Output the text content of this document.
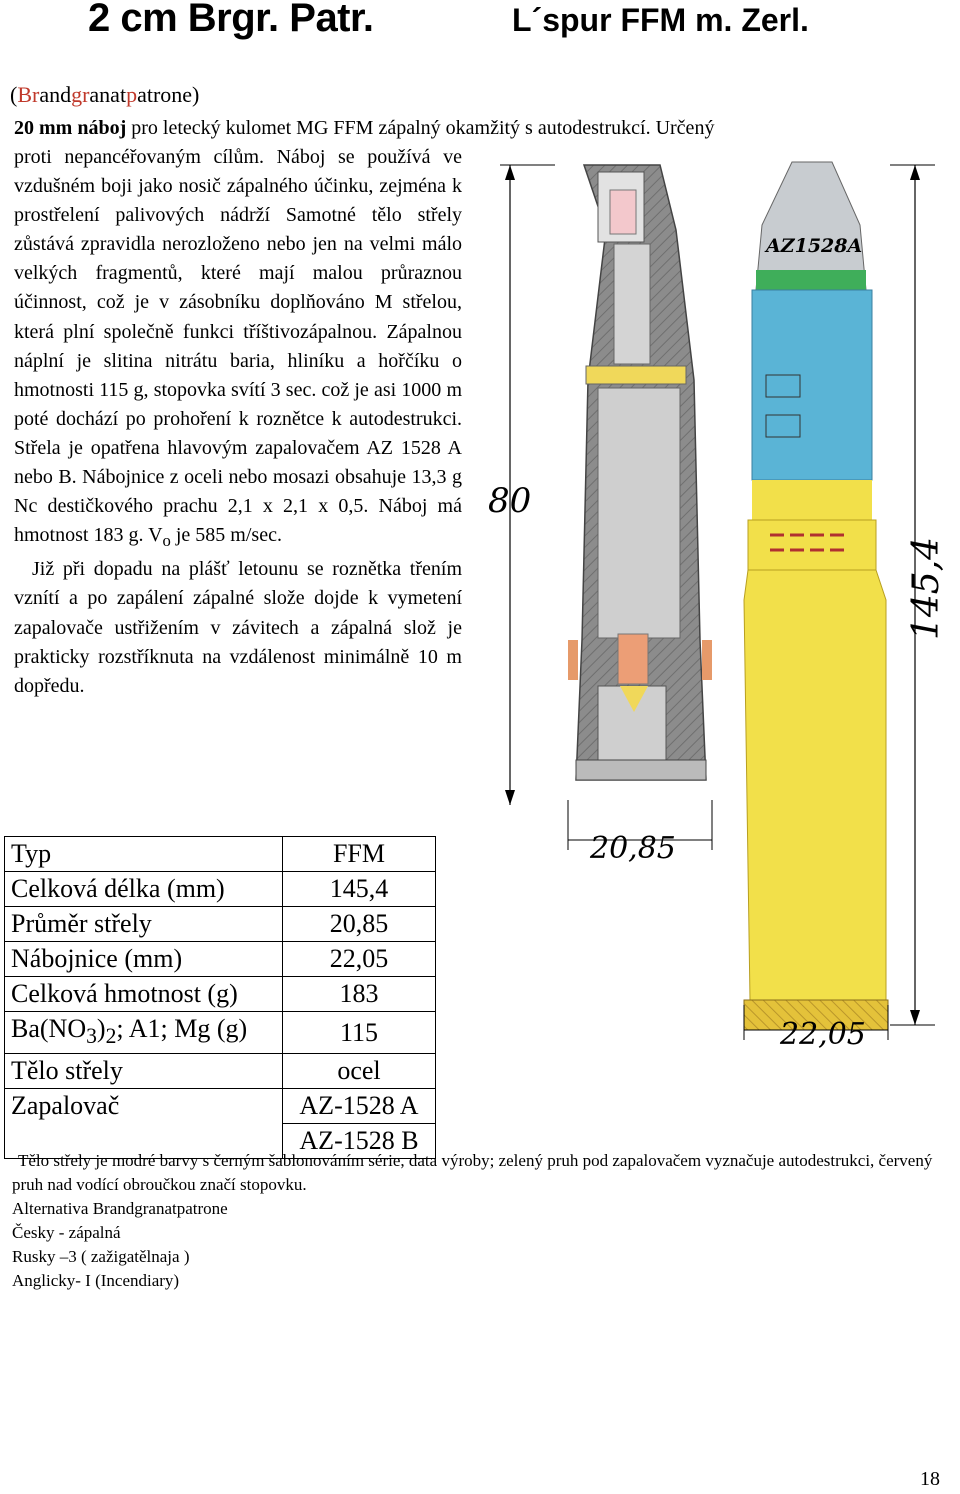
2 cm Brgr. Patr.	L´spur FFM m. Zerl.
(Brandgranatpatrone)
20 mm náboj pro letecký kulomet MG FFM zápalný okamžitý s autodestrukcí. Určený

proti nepancéřovaným cílům. Náboj se používá ve vzdušném boji jako nosič zápalného účinku, zejména k prostřelení palivových nádrží Samotné tělo střely zůstává zpravidla nerozloženo nebo jen na velmi málo velkých fragmentů, které mají malou průraznou účinnost, což je v zásobníku doplňováno M střelou, která plní společně funkci tříštivozápalnou. Zápalnou náplní je slitina nitrátu baria, hliníku a hořčíku o hmotnosti 115 g, stopovka svítí 3 sec. což je asi 1000 m poté dochází po prohoření k roznětce k autodestrukci. Střela je opatřena hlavovým zapalovačem AZ 1528 A nebo B. Nábojnice z oceli nebo mosazi obsahuje 13,3 g Nc destičkového prachu 2,1 x 2,1 x 0,5. Náboj má hmotnost 183 g. $V_o$ je 585 m/sec.

Již při dopadu na plášť letounu se roznětka třením vznítí a po zapálení zápalné slože dojde k vymetení zapalovače ustřižením v závitech a zápalná slož je prakticky rozstříknuta na vzdálenost minimálně 10 m dopředu.

80
AZ1528A
145,4
20,85
22,05
Typ	FFM
Celková délka (mm)	145,4
Průměr střely	20,85
Nábojnice (mm)	22,05
Celková hmotnost (g)	183
$Ba(NO_3)_2$; A1; Mg (g)	115
Tělo střely	ocel
Zapalovač	AZ-1528 A
	AZ-1528 B

Tělo střely je modré barvy s černým šablonováním série, data výroby; zelený pruh pod zapalovačem vyznačuje autodestrukci, červený pruh nad vodící obroučkou značí stopovku.

Alternativa Brandgranatpatrone

Česky - zápalná

Rusky –3 ( zažigatělnaja )

Anglicky- I (Incendiary)

18
